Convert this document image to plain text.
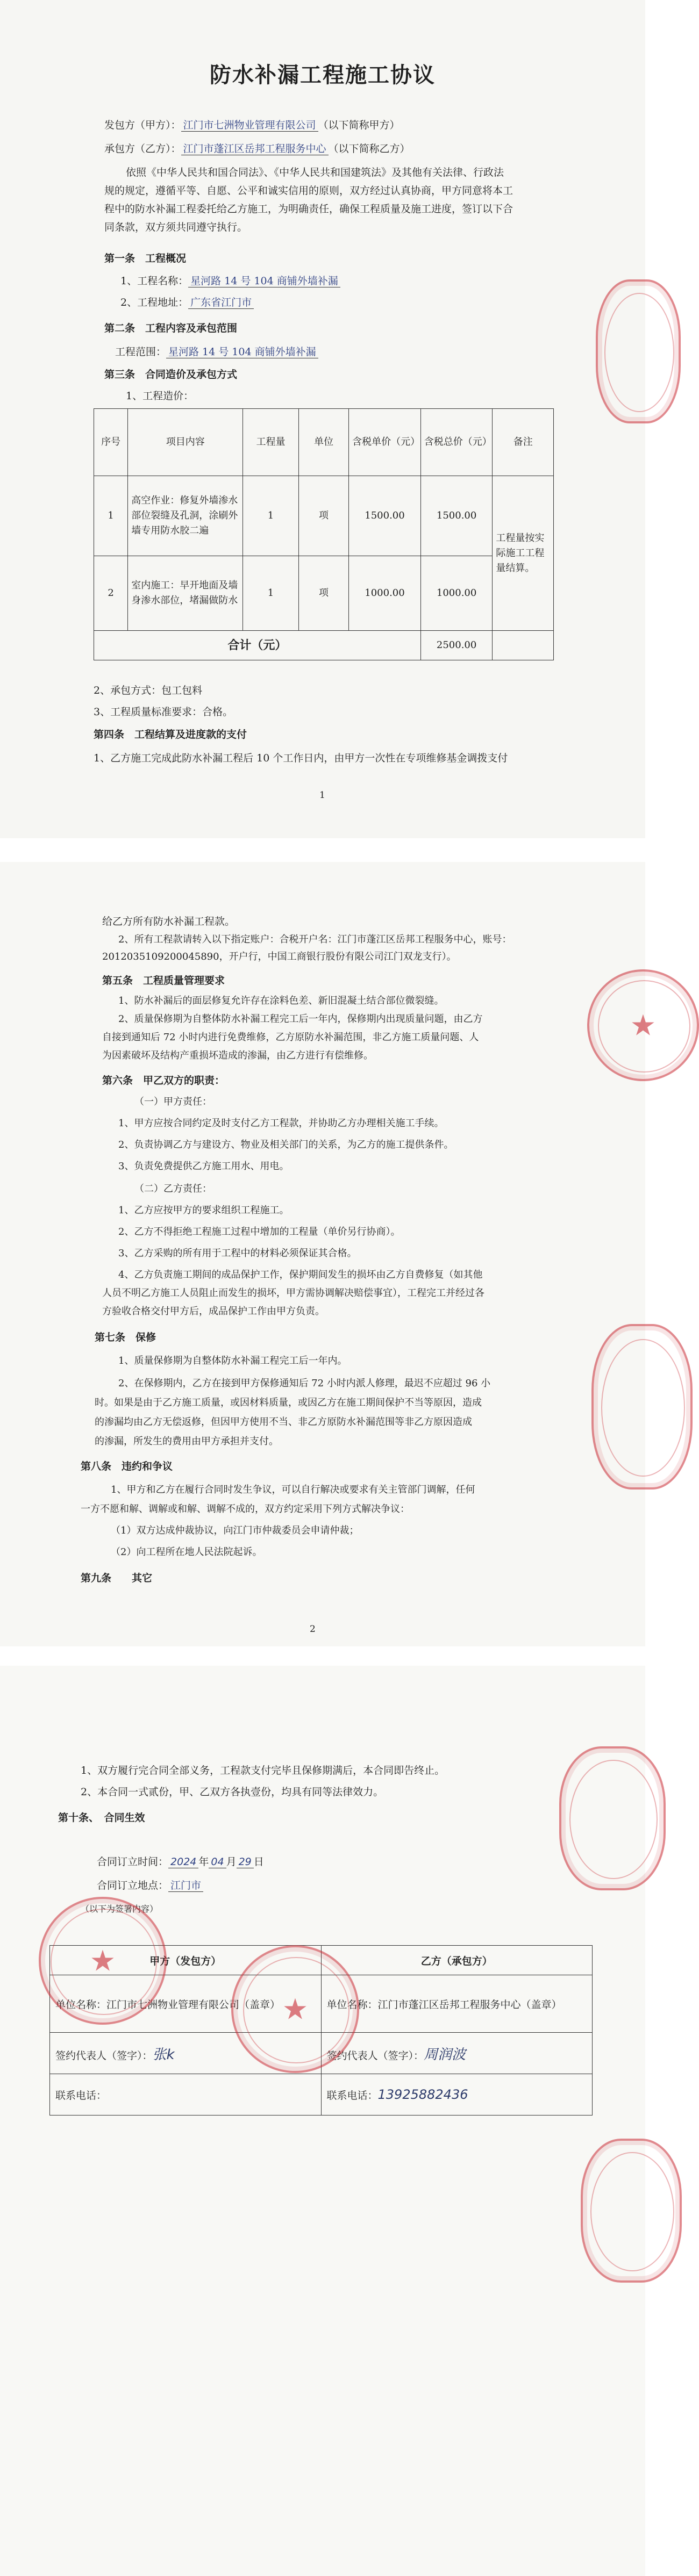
防水补漏工程施工协议
发包方（甲方）： 江门市七洲物业管理有限公司 （以下简称甲方）
承包方（乙方）： 江门市蓬江区岳邦工程服务中心 （以下简称乙方）
依照《中华人民共和国合同法》、《中华人民共和国建筑法》及其他有关法律、行政法
规的规定，遵循平等、自愿、公平和诚实信用的原则，双方经过认真协商，甲方同意将本工
程中的防水补漏工程委托给乙方施工，为明确责任，确保工程质量及施工进度，签订以下合
同条款，双方须共同遵守执行。
第一条　工程概况
1、工程名称： 星河路 14 号 104 商铺外墙补漏
2、工程地址： 广东省江门市
第二条　工程内容及承包范围
工程范围： 星河路 14 号 104 商铺外墙补漏
第三条　合同造价及承包方式
1、工程造价：
序号	项目内容	工程量	单位	含税单价（元）	含税总价（元）	备注
1	高空作业：修复外墙渗水部位裂缝及孔洞，涂刷外墙专用防水胶二遍	1	项	1500.00	1500.00	工程量按实际施工工程量结算。
2	室内施工：早开地面及墙身渗水部位，堵漏做防水	1	项	1000.00	1000.00	
合计（元）					2500.00	
2、承包方式：包工包料
3、工程质量标准要求：合格。
第四条　工程结算及进度款的支付
1、乙方施工完成此防水补漏工程后 10 个工作日内，由甲方一次性在专项维修基金调拨支付
1
给乙方所有防水补漏工程款。
2、所有工程款请转入以下指定账户：合税开户名：江门市蓬江区岳邦工程服务中心，账号：
2012035109200045890，开户行，中国工商银行股份有限公司江门双龙支行）。
第五条　工程质量管理要求
1、防水补漏后的面层修复允许存在涂料色差、新旧混凝土结合部位微裂缝。
2、质量保修期为自整体防水补漏工程完工后一年内，保修期内出现质量问题，由乙方
自接到通知后 72 小时内进行免费维修，乙方原防水补漏范围，非乙方施工质量问题、人
为因素破坏及结构产重损坏造成的渗漏，由乙方进行有偿维修。
第六条　甲乙双方的职责：
（一）甲方责任：
1、甲方应按合同约定及时支付乙方工程款，并协助乙方办理相关施工手续。
2、负责协调乙方与建设方、物业及相关部门的关系，为乙方的施工提供条件。
3、负责免费提供乙方施工用水、用电。
（二）乙方责任：
1、乙方应按甲方的要求组织工程施工。
2、乙方不得拒绝工程施工过程中增加的工程量（单价另行协商）。
3、乙方采购的所有用于工程中的材料必须保证其合格。
4、乙方负责施工期间的成品保护工作，保护期间发生的损坏由乙方自费修复（如其他
人员不明乙方施工人员阻止而发生的损坏，甲方需协调解决赔偿事宜），工程完工并经过各
方验收合格交付甲方后，成品保护工作由甲方负责。
第七条　保修
1、质量保修期为自整体防水补漏工程完工后一年内。
2、在保修期内，乙方在接到甲方保修通知后 72 小时内派人修理，最迟不应超过 96 小
时。如果是由于乙方施工质量，或因材料质量，或因乙方在施工期间保护不当等原因，造成
的渗漏均由乙方无偿返修，但因甲方使用不当、非乙方原防水补漏范围等非乙方原因造成
的渗漏，所发生的费用由甲方承担并支付。
第八条　违约和争议
1、甲方和乙方在履行合同时发生争议，可以自行解决或要求有关主管部门调解，任何
一方不愿和解、调解或和解、调解不成的，双方约定采用下列方式解决争议：
（1）双方达成仲裁协议，向江门市仲裁委员会申请仲裁；
（2）向工程所在地人民法院起诉。
第九条　　其它
2
★
1、双方履行完合同全部义务，工程款支付完毕且保修期满后，本合同即告终止。
2、本合同一式贰份，甲、乙双方各执壹份，均具有同等法律效力。
第十条、　合同生效
合同订立时间： 2024 年 04 月 29 日
合同订立地点： 江门市
（以下为签署内容）
甲方（发包方）	乙方（承包方）
单位名称：江门市七洲物业管理有限公司（盖章）	单位名称：江门市蓬江区岳邦工程服务中心（盖章）
签约代表人（签字）：张k	签约代表人（签字）：周润波
联系电话：	联系电话：13925882436
★
★
